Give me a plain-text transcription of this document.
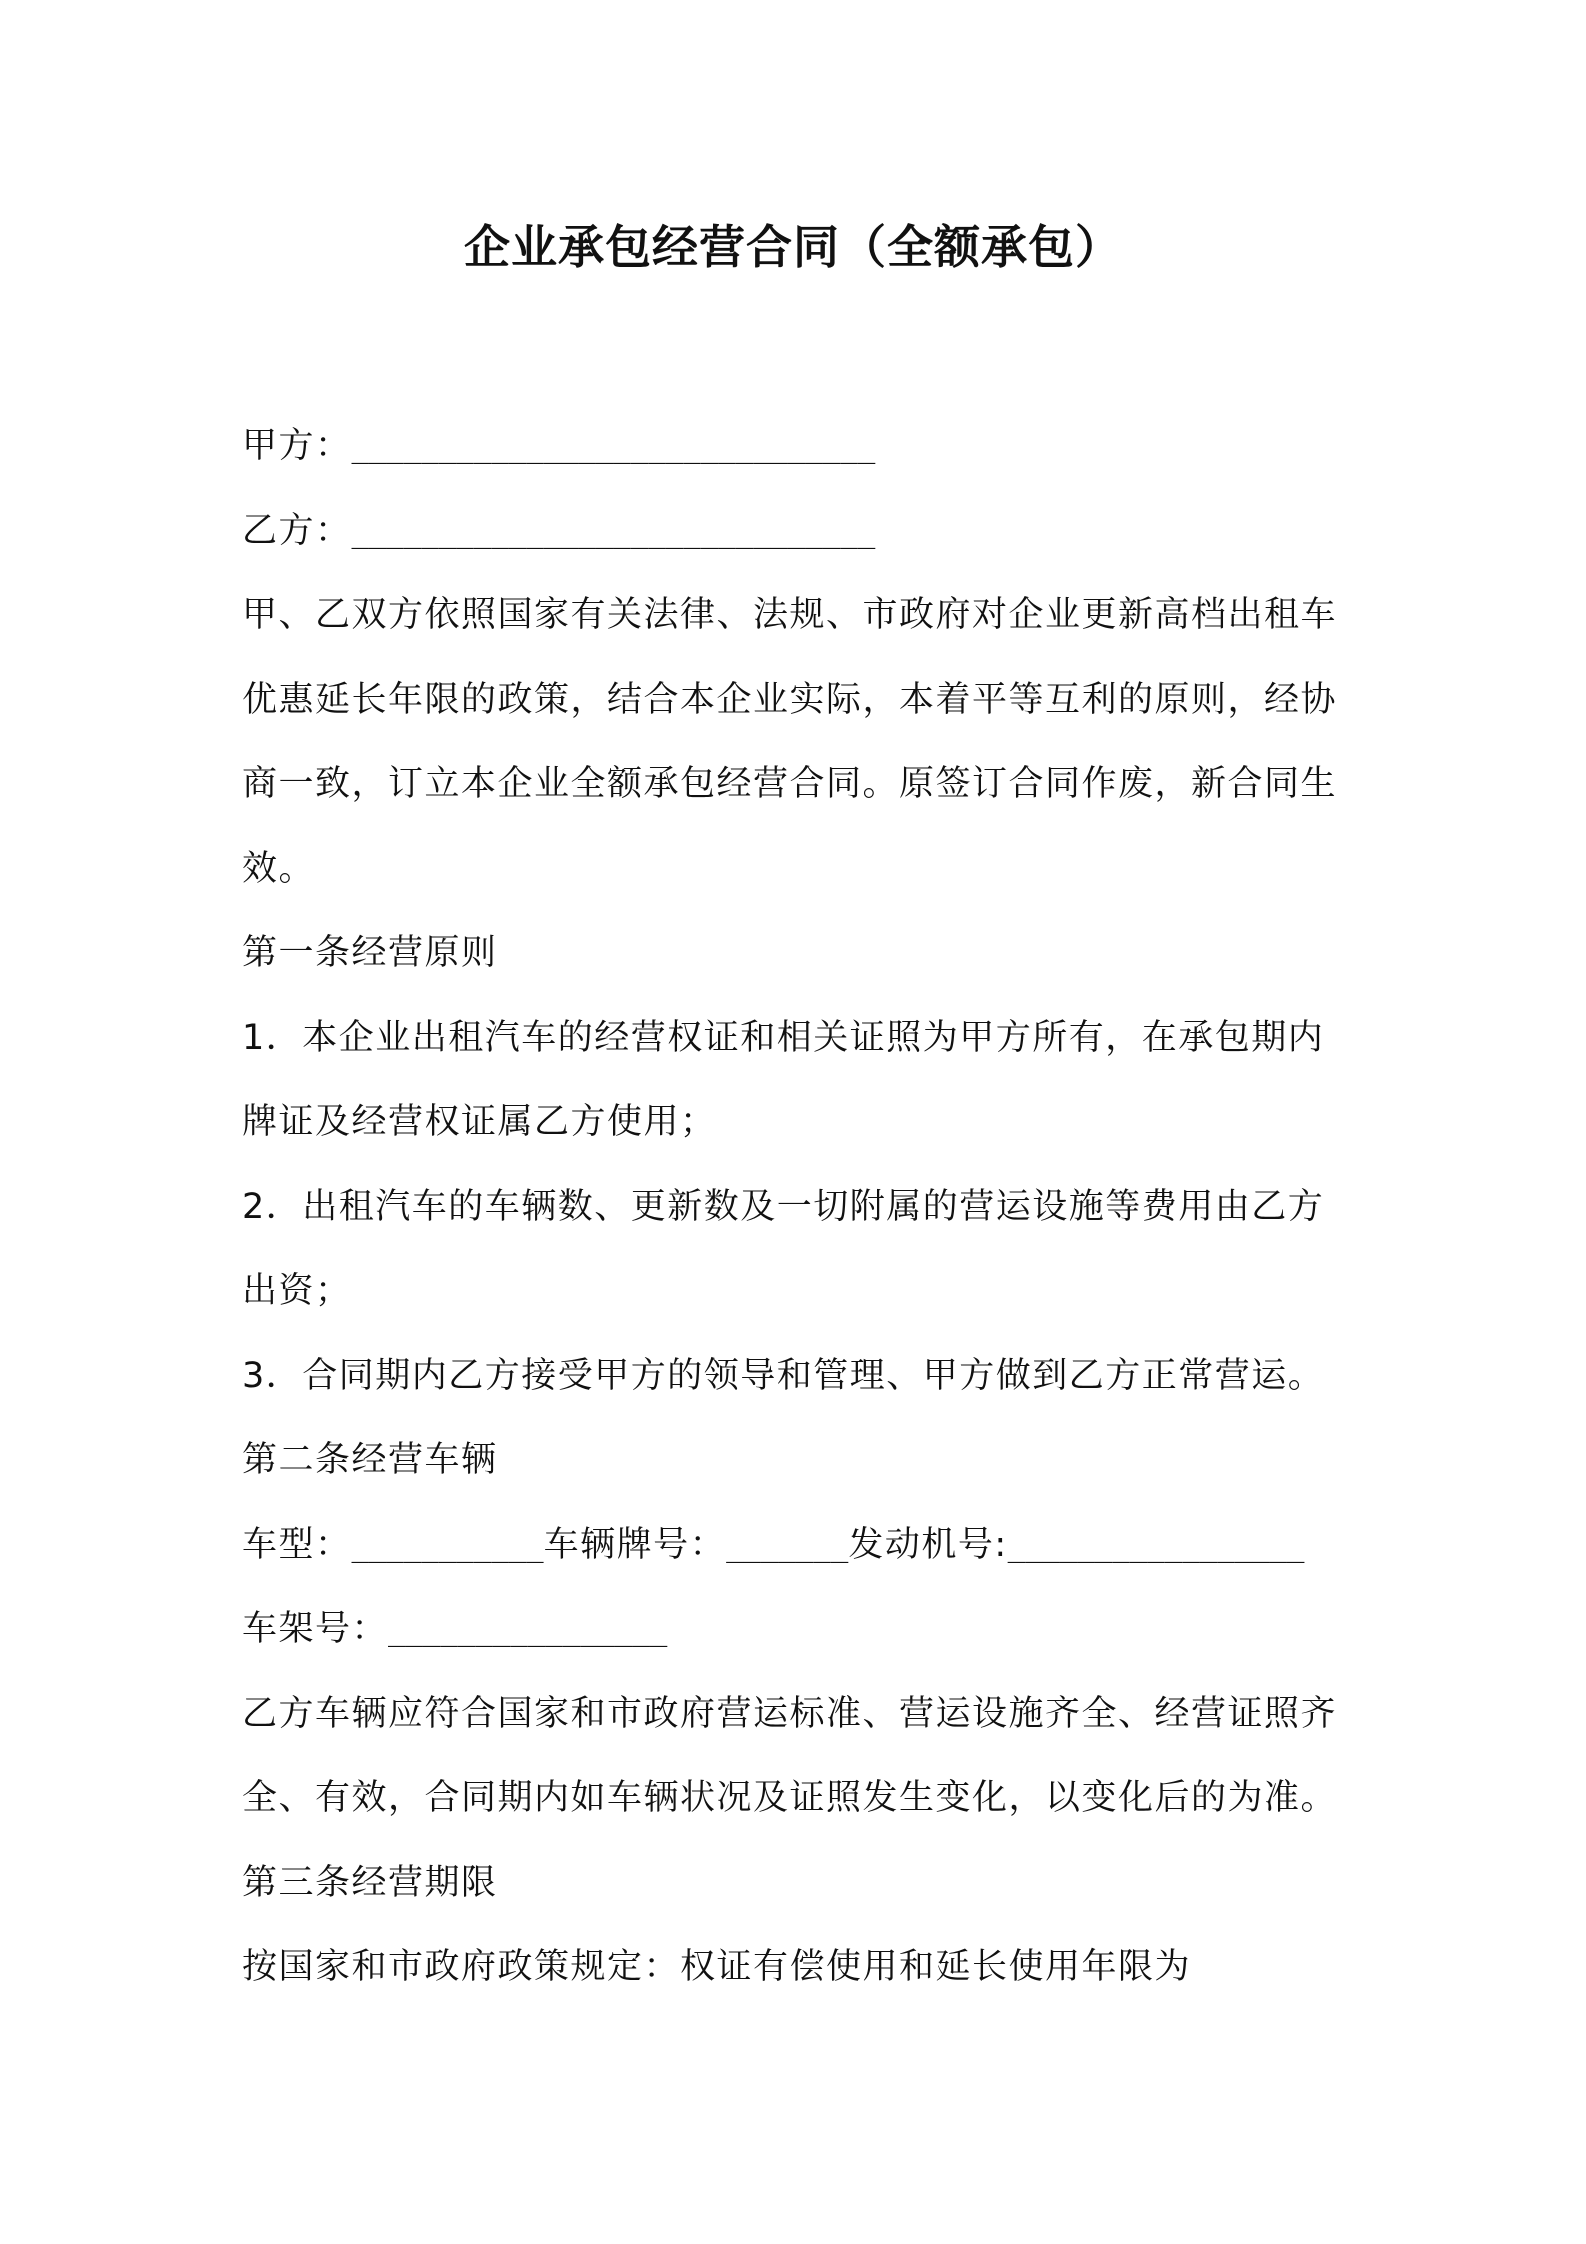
企业承包经营合同（全额承包）
甲方：______________________________
乙方：______________________________
甲、乙双方依照国家有关法律、法规、市政府对企业更新高档出租车
优惠延长年限的政策，结合本企业实际，本着平等互利的原则，经协
商一致，订立本企业全额承包经营合同。原签订合同作废，新合同生
效。
第一条经营原则
1．本企业出租汽车的经营权证和相关证照为甲方所有，在承包期内
牌证及经营权证属乙方使用；
2．出租汽车的车辆数、更新数及一切附属的营运设施等费用由乙方
出资；
3．合同期内乙方接受甲方的领导和管理、甲方做到乙方正常营运。
第二条经营车辆
车型：___________车辆牌号：_______发动机号:_________________
车架号：________________
乙方车辆应符合国家和市政府营运标准、营运设施齐全、经营证照齐
全、有效，合同期内如车辆状况及证照发生变化，以变化后的为准。
第三条经营期限
按国家和市政府政策规定：权证有偿使用和延长使用年限为
